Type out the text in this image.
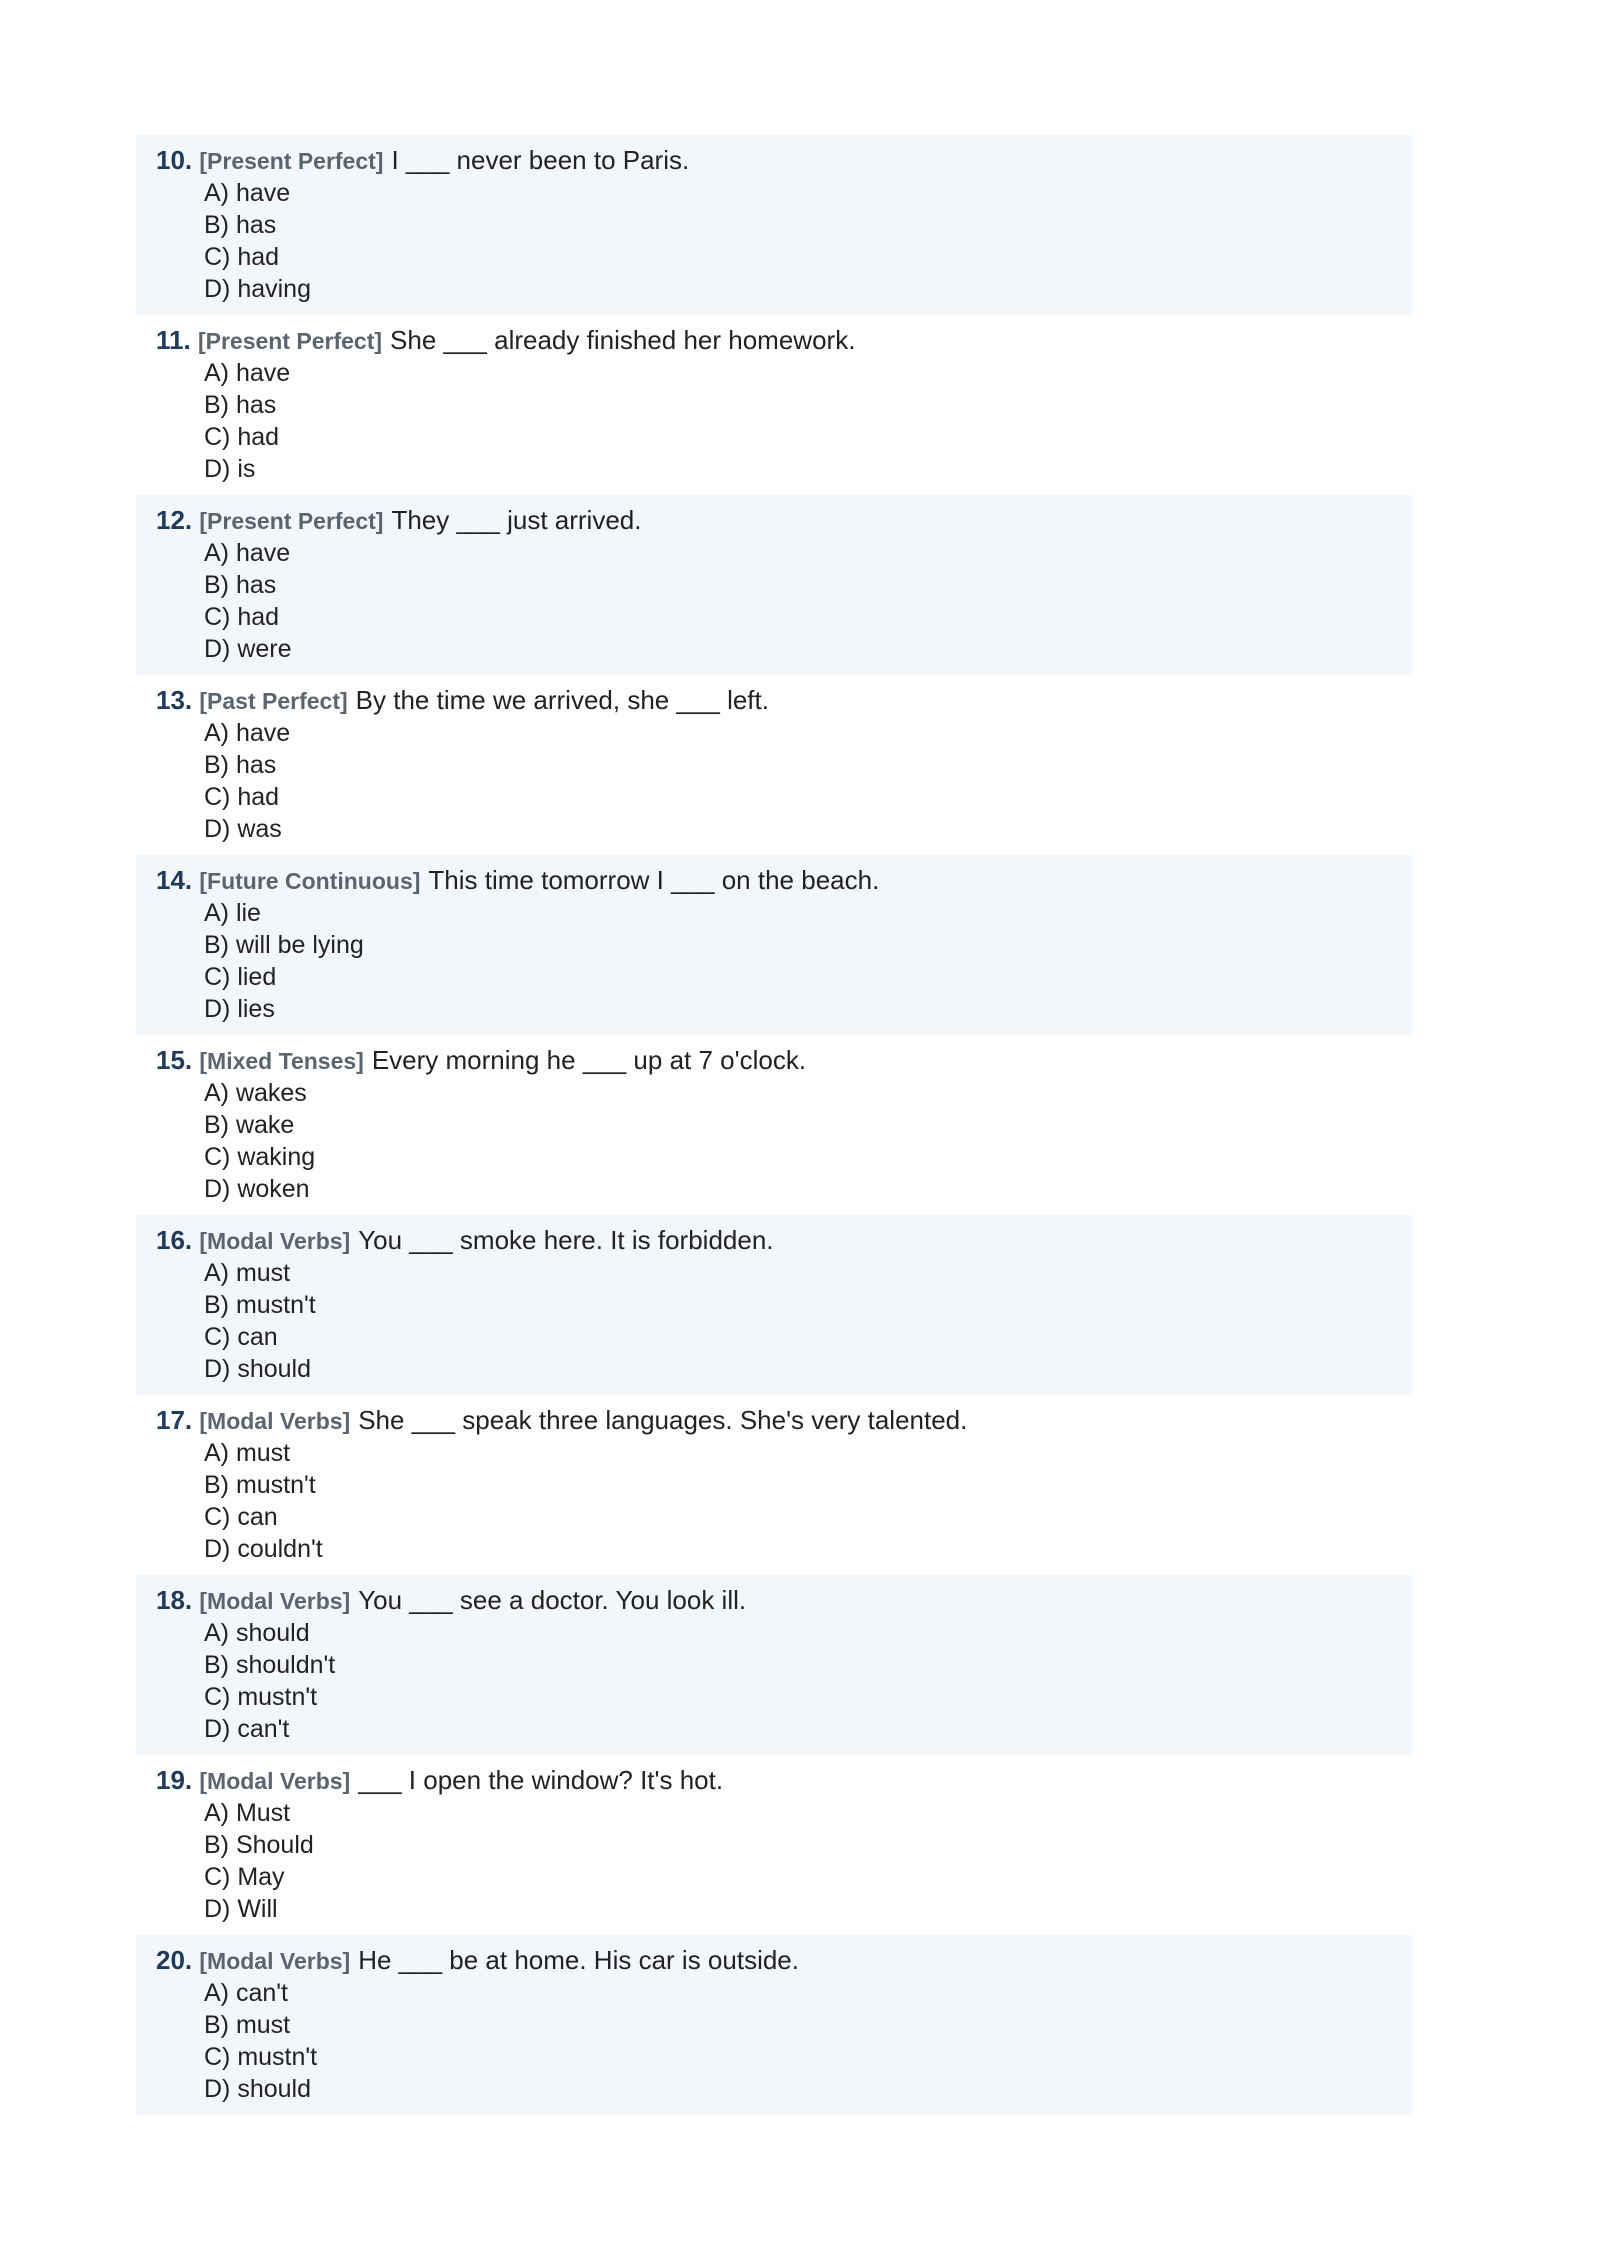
10. [Present Perfect] I ___ never been to Paris.
A) have
B) has
C) had
D) having
11. [Present Perfect] She ___ already finished her homework.
A) have
B) has
C) had
D) is
12. [Present Perfect] They ___ just arrived.
A) have
B) has
C) had
D) were
13. [Past Perfect] By the time we arrived, she ___ left.
A) have
B) has
C) had
D) was
14. [Future Continuous] This time tomorrow I ___ on the beach.
A) lie
B) will be lying
C) lied
D) lies
15. [Mixed Tenses] Every morning he ___ up at 7 o'clock.
A) wakes
B) wake
C) waking
D) woken
16. [Modal Verbs] You ___ smoke here. It is forbidden.
A) must
B) mustn't
C) can
D) should
17. [Modal Verbs] She ___ speak three languages. She's very talented.
A) must
B) mustn't
C) can
D) couldn't
18. [Modal Verbs] You ___ see a doctor. You look ill.
A) should
B) shouldn't
C) mustn't
D) can't
19. [Modal Verbs] ___ I open the window? It's hot.
A) Must
B) Should
C) May
D) Will
20. [Modal Verbs] He ___ be at home. His car is outside.
A) can't
B) must
C) mustn't
D) should
